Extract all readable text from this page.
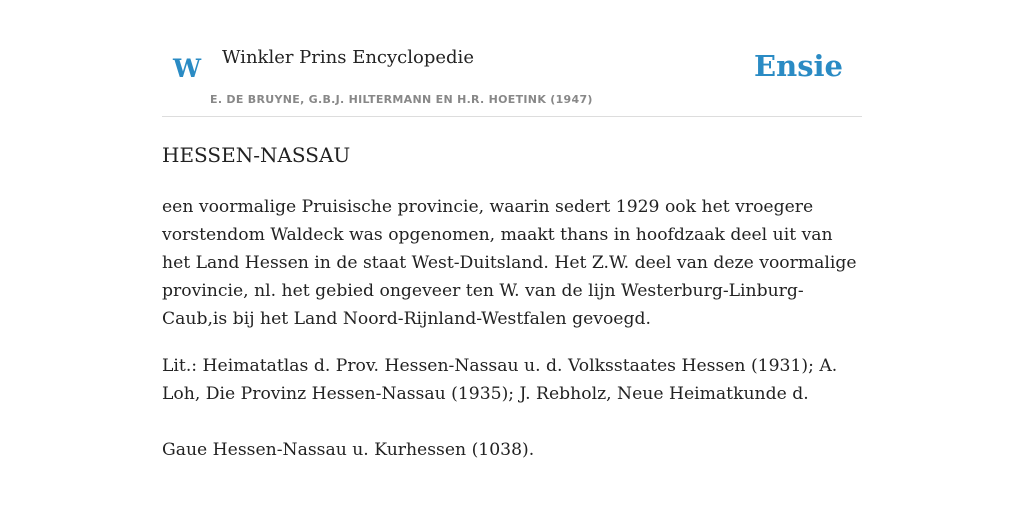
W Winkler Prins Encyclopedie
E. DE BRUYNE, G.B.J. HILTERMANN EN H.R. HOETINK (1947)
Ensie
HESSEN-NASSAU

een voormalige Pruisische provincie, waarin sedert 1929 ook het vroegere vorstendom Waldeck was opgenomen, maakt thans in hoofdzaak deel uit van het Land Hessen in de staat West-Duitsland. Het Z.W. deel van deze voormalige provincie, nl. het gebied ongeveer ten W. van de lijn Westerburg-Linburg-Caub,is bij het Land Noord-Rijnland-Westfalen gevoegd.

Lit.: Heimatatlas d. Prov. Hessen-Nassau u. d. Volksstaates Hessen (1931); A. Loh, Die Provinz Hessen-Nassau (1935); J. Rebholz, Neue Heimatkunde d.

Gaue Hessen-Nassau u. Kurhessen (1038).
